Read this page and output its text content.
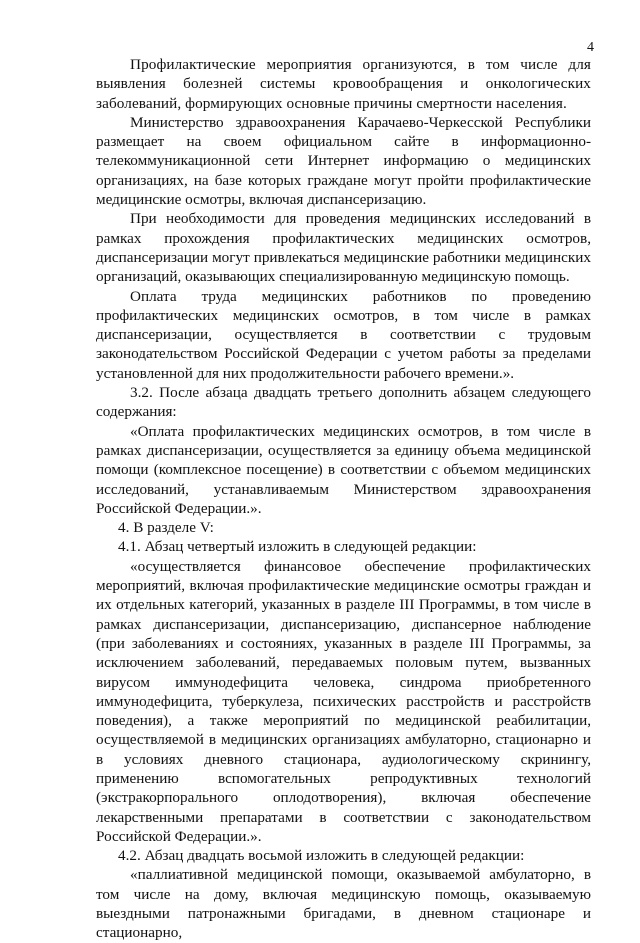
4

Профилактические мероприятия организуются, в том числе для выявления болезней системы кровообращения и онкологических заболеваний, формирующих основные причины смертности населения.

Министерство здравоохранения Карачаево-Черкесской Республики размещает на своем официальном сайте в информационно-телекоммуникационной сети Интернет информацию о медицинских организациях, на базе которых граждане могут пройти профилактические медицинские осмотры, включая диспансеризацию.

При необходимости для проведения медицинских исследований в рамках прохождения профилактических медицинских осмотров, диспансеризации могут привлекаться медицинские работники медицинских организаций, оказывающих специализированную медицинскую помощь.

Оплата труда медицинских работников по проведению профилактических медицинских осмотров, в том числе в рамках диспансеризации, осуществляется в соответствии с трудовым законодательством Российской Федерации с учетом работы за пределами установленной для них продолжительности рабочего времени.».

3.2. После абзаца двадцать третьего дополнить абзацем следующего содержания:

«Оплата профилактических медицинских осмотров, в том числе в рамках диспансеризации, осуществляется за единицу объема медицинской помощи (комплексное посещение) в соответствии с объемом медицинских исследований, устанавливаемым Министерством здравоохранения Российской Федерации.».

4. В разделе V:

4.1. Абзац четвертый изложить в следующей редакции:

«осуществляется финансовое обеспечение профилактических мероприятий, включая профилактические медицинские осмотры граждан и их отдельных категорий, указанных в разделе III Программы, в том числе в рамках диспансеризации, диспансеризацию, диспансерное наблюдение (при заболеваниях и состояниях, указанных в разделе III Программы, за исключением заболеваний, передаваемых половым путем, вызванных вирусом иммунодефицита человека, синдрома приобретенного иммунодефицита, туберкулеза, психических расстройств и расстройств поведения), а также мероприятий по медицинской реабилитации, осуществляемой в медицинских организациях амбулаторно, стационарно и в условиях дневного стационара, аудиологическому скринингу, применению вспомогательных репродуктивных технологий (экстракорпорального оплодотворения), включая обеспечение лекарственными препаратами в соответствии с законодательством Российской Федерации.».

4.2. Абзац двадцать восьмой изложить в следующей редакции:

«паллиативной медицинской помощи, оказываемой амбулаторно, в том числе на дому, включая медицинскую помощь, оказываемую выездными патронажными бригадами, в дневном стационаре и стационарно,
